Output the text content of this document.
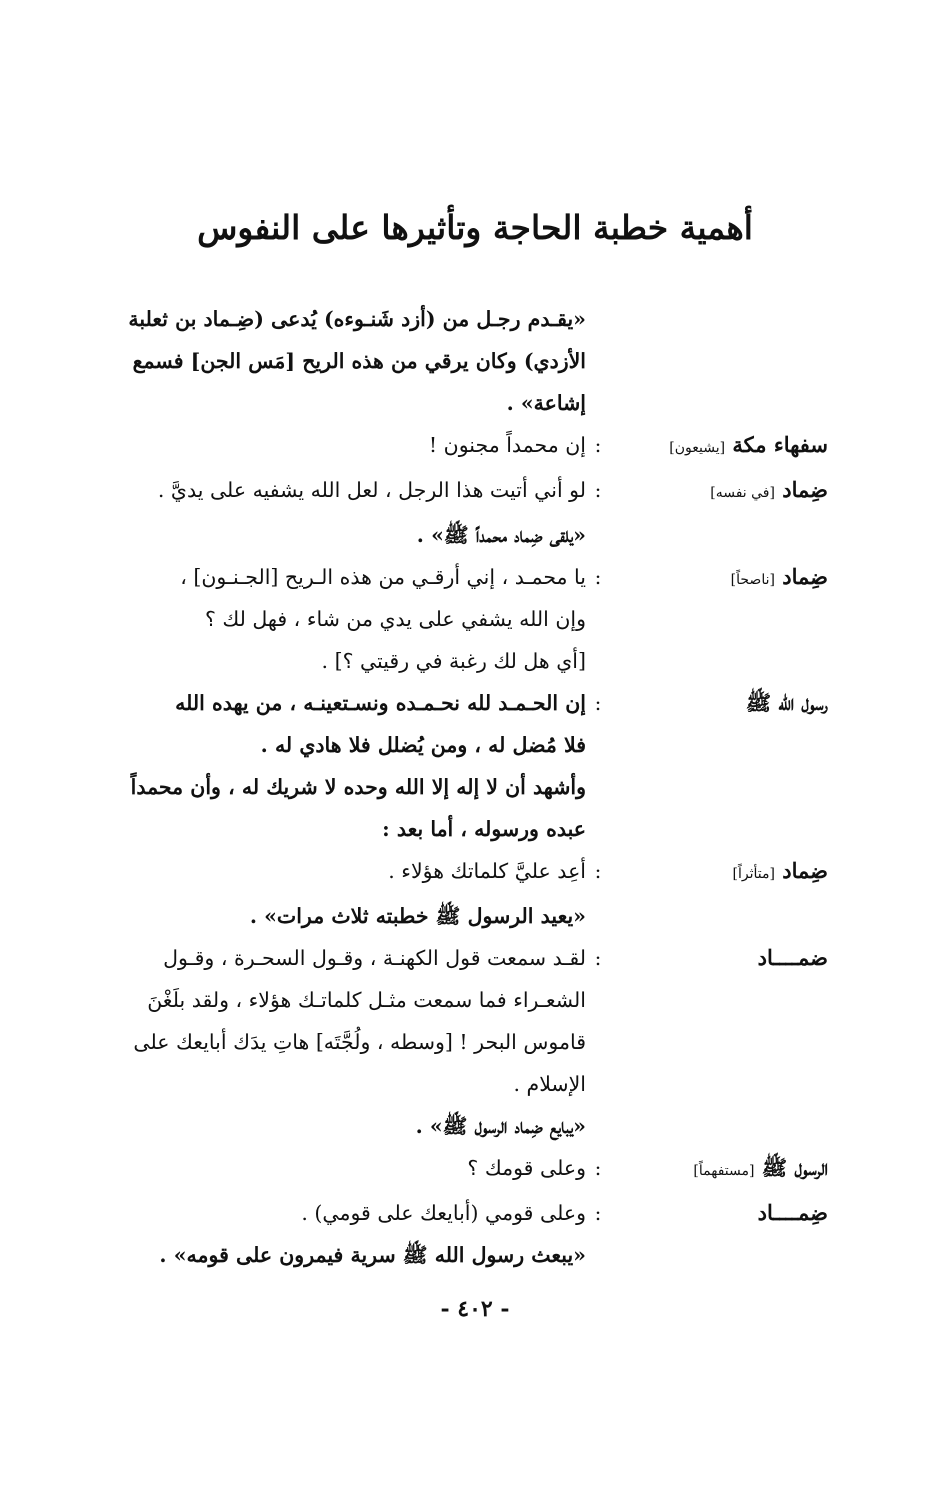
أهمية خطبة الحاجة وتأثيرها على النفوس
«يقـدم رجـل من (أزد شَنـوءه) يُدعى (ضِـماد بن ثعلبة
الأزدي) وكان يرقي من هذه الريح [مَس الجن] فسمع
إشاعة» .
سفهاء مكة [يشيعون]
:
إن محمداً مجنون !
ضِماد [في نفسه]
:
لو أني أتيت هذا الرجل ، لعل الله يشفيه على يديَّ .
«يلقى ضِماد محمداً ﷺ» .
ضِماد [ناصحاً]
:
يا محمـد ، إني أرقـي من هذه الـريح [الجـنـون] ،
وإن الله يشفي على يدي من شاء ، فهل لك ؟
[أي هل لك رغبة في رقيتي ؟] .
رسول الله ﷺ
:
إن الحـمـد لله نحـمـده ونسـتعينـه ، من يهده الله
فلا مُضل له ، ومن يُضلل فلا هادي له .
وأشهد أن لا إله إلا الله وحده لا شريك له ، وأن محمداً
عبده ورسوله ، أما بعد :
ضِماد [متأثراً]
:
أعِد عليَّ كلماتك هؤلاء .
«يعيد الرسول ﷺ خطبته ثلاث مرات» .
ضمــــاد
:
لقـد سمعت قول الكهنـة ، وقـول السحـرة ، وقـول
الشعـراء فما سمعت مثـل كلماتـك هؤلاء ، ولقد بلَغْنَ
قاموس البحر ! [وسطه ، ولُجَّتَه] هاتِ يدَك أبايعك على
الإسلام .
«يبايع ضِماد الرسول ﷺ» .
الرسول ﷺ [مستفهماً]
:
وعلى قومك ؟
ضِمــــاد
:
وعلى قومي (أبايعك على قومي) .
«يبعث رسول الله ﷺ سرية فيمرون على قومه» .
- ٤٠٢ -
